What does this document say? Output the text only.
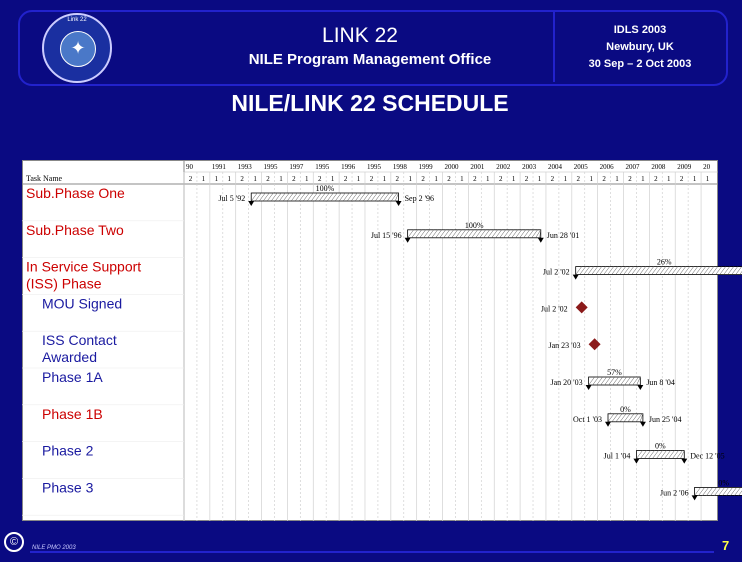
Link 22
✦
LINK 22
NILE Program Management Office
IDLS 2003
Newbury, UK
30 Sep – 2 Oct 2003
NILE/LINK 22 SCHEDULE
90	1991 1993 1995 1997 1995 1996 1995 1998 1999 2000 2001 2002 2003 2004 2005 2006 2007 2008 2009 20
2 1 1 1 2 1 2 1 2 1 2 1 2 1 2 1 2 1 2 1 2 1 2 1 2 1 2 1 2 1 2 1 2 1 2 1 2 1 2 1 1
Task Name
Sub.Phase One	Jul 5 '92	Sep 2 '96
100%
Sub.Phase Two	Jul 15 '96	Jun 28 '01
100%
In Service Support
(ISS) Phase
Jul 2 '02
26%
MOU Signed	Jul 2 '02
ISS Contact
Awarded
Jan 23 '03
Phase 1A	Jan 20 '03	Jun 8 '04
57%
Phase 1B	Oct 1 '03	Jun 25 '04
0%
Phase 2	Jul 1 '04	Dec 12 '05
0%
Phase 3	Jun 2 '06
0%
©	NILE PMO 2003	7
